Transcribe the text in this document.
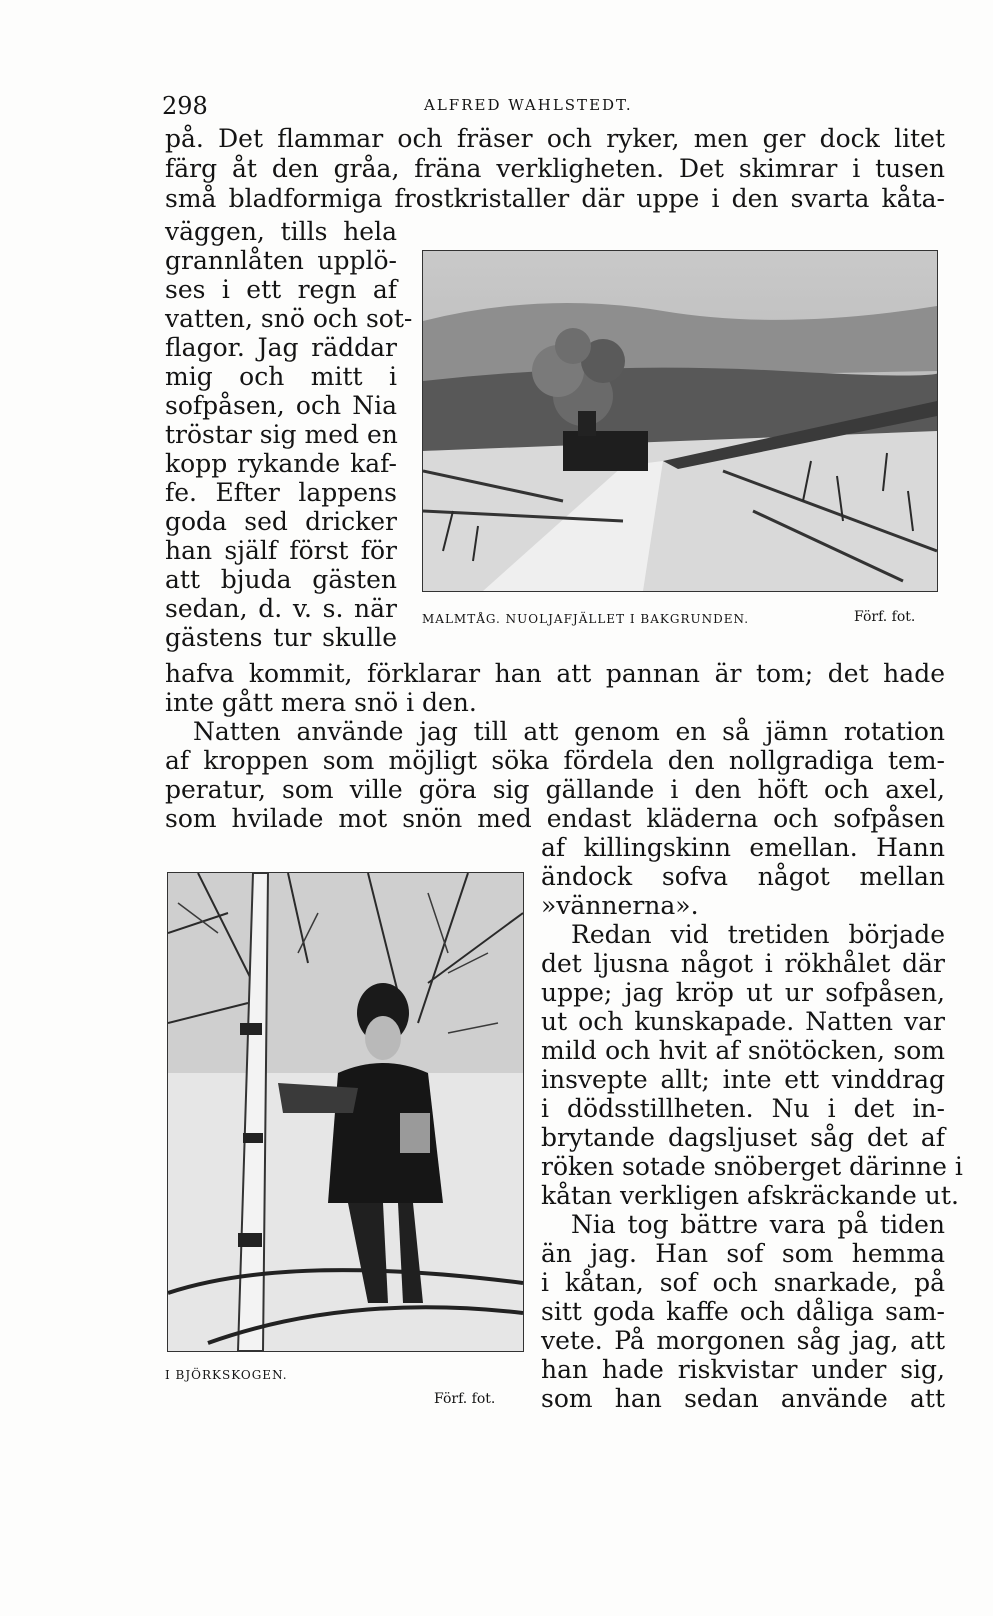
298	ALFRED WAHLSTEDT.
på. Det flammar och fräser och ryker, men ger dock litet
färg åt den gråa, fräna verkligheten. Det skimrar i tusen
små bladformiga frostkristaller där uppe i den svarta kåta-
väggen, tills hela
grannlåten upplö-
ses i ett regn af
vatten, snö och sot-
flagor. Jag räddar
mig och mitt i
sofpåsen, och Nia
tröstar sig med en
kopp rykande kaf-
fe. Efter lappens
goda sed dricker
han själf först för
att bjuda gästen
sedan, d. v. s. när
gästens tur skulle
MALMTÅG. NUOLJAFJÄLLET I BAKGRUNDEN.	Förf. fot.
hafva kommit, förklarar han att pannan är tom; det hade
inte gått mera snö i den.
Natten använde jag till att genom en så jämn rotation
af kroppen som möjligt söka fördela den nollgradiga tem-
peratur, som ville göra sig gällande i den höft och axel,
som hvilade mot snön med endast kläderna och sofpåsen
af killingskinn emellan. Hann
ändock sofva något mellan
»vännerna».
Redan vid tretiden började
det ljusna något i rökhålet där
uppe; jag kröp ut ur sofpåsen,
ut och kunskapade. Natten var
mild och hvit af snötöcken, som
insvepte allt; inte ett vinddrag
i dödsstillheten. Nu i det in-
brytande dagsljuset såg det af
röken sotade snöberget därinne i
kåtan verkligen afskräckande ut.
Nia tog bättre vara på tiden
än jag. Han sof som hemma
i kåtan, sof och snarkade, på
sitt goda kaffe och dåliga sam-
vete. På morgonen såg jag, att
han hade riskvistar under sig,
som han sedan använde att
I BJÖRKSKOGEN.
Förf. fot.
